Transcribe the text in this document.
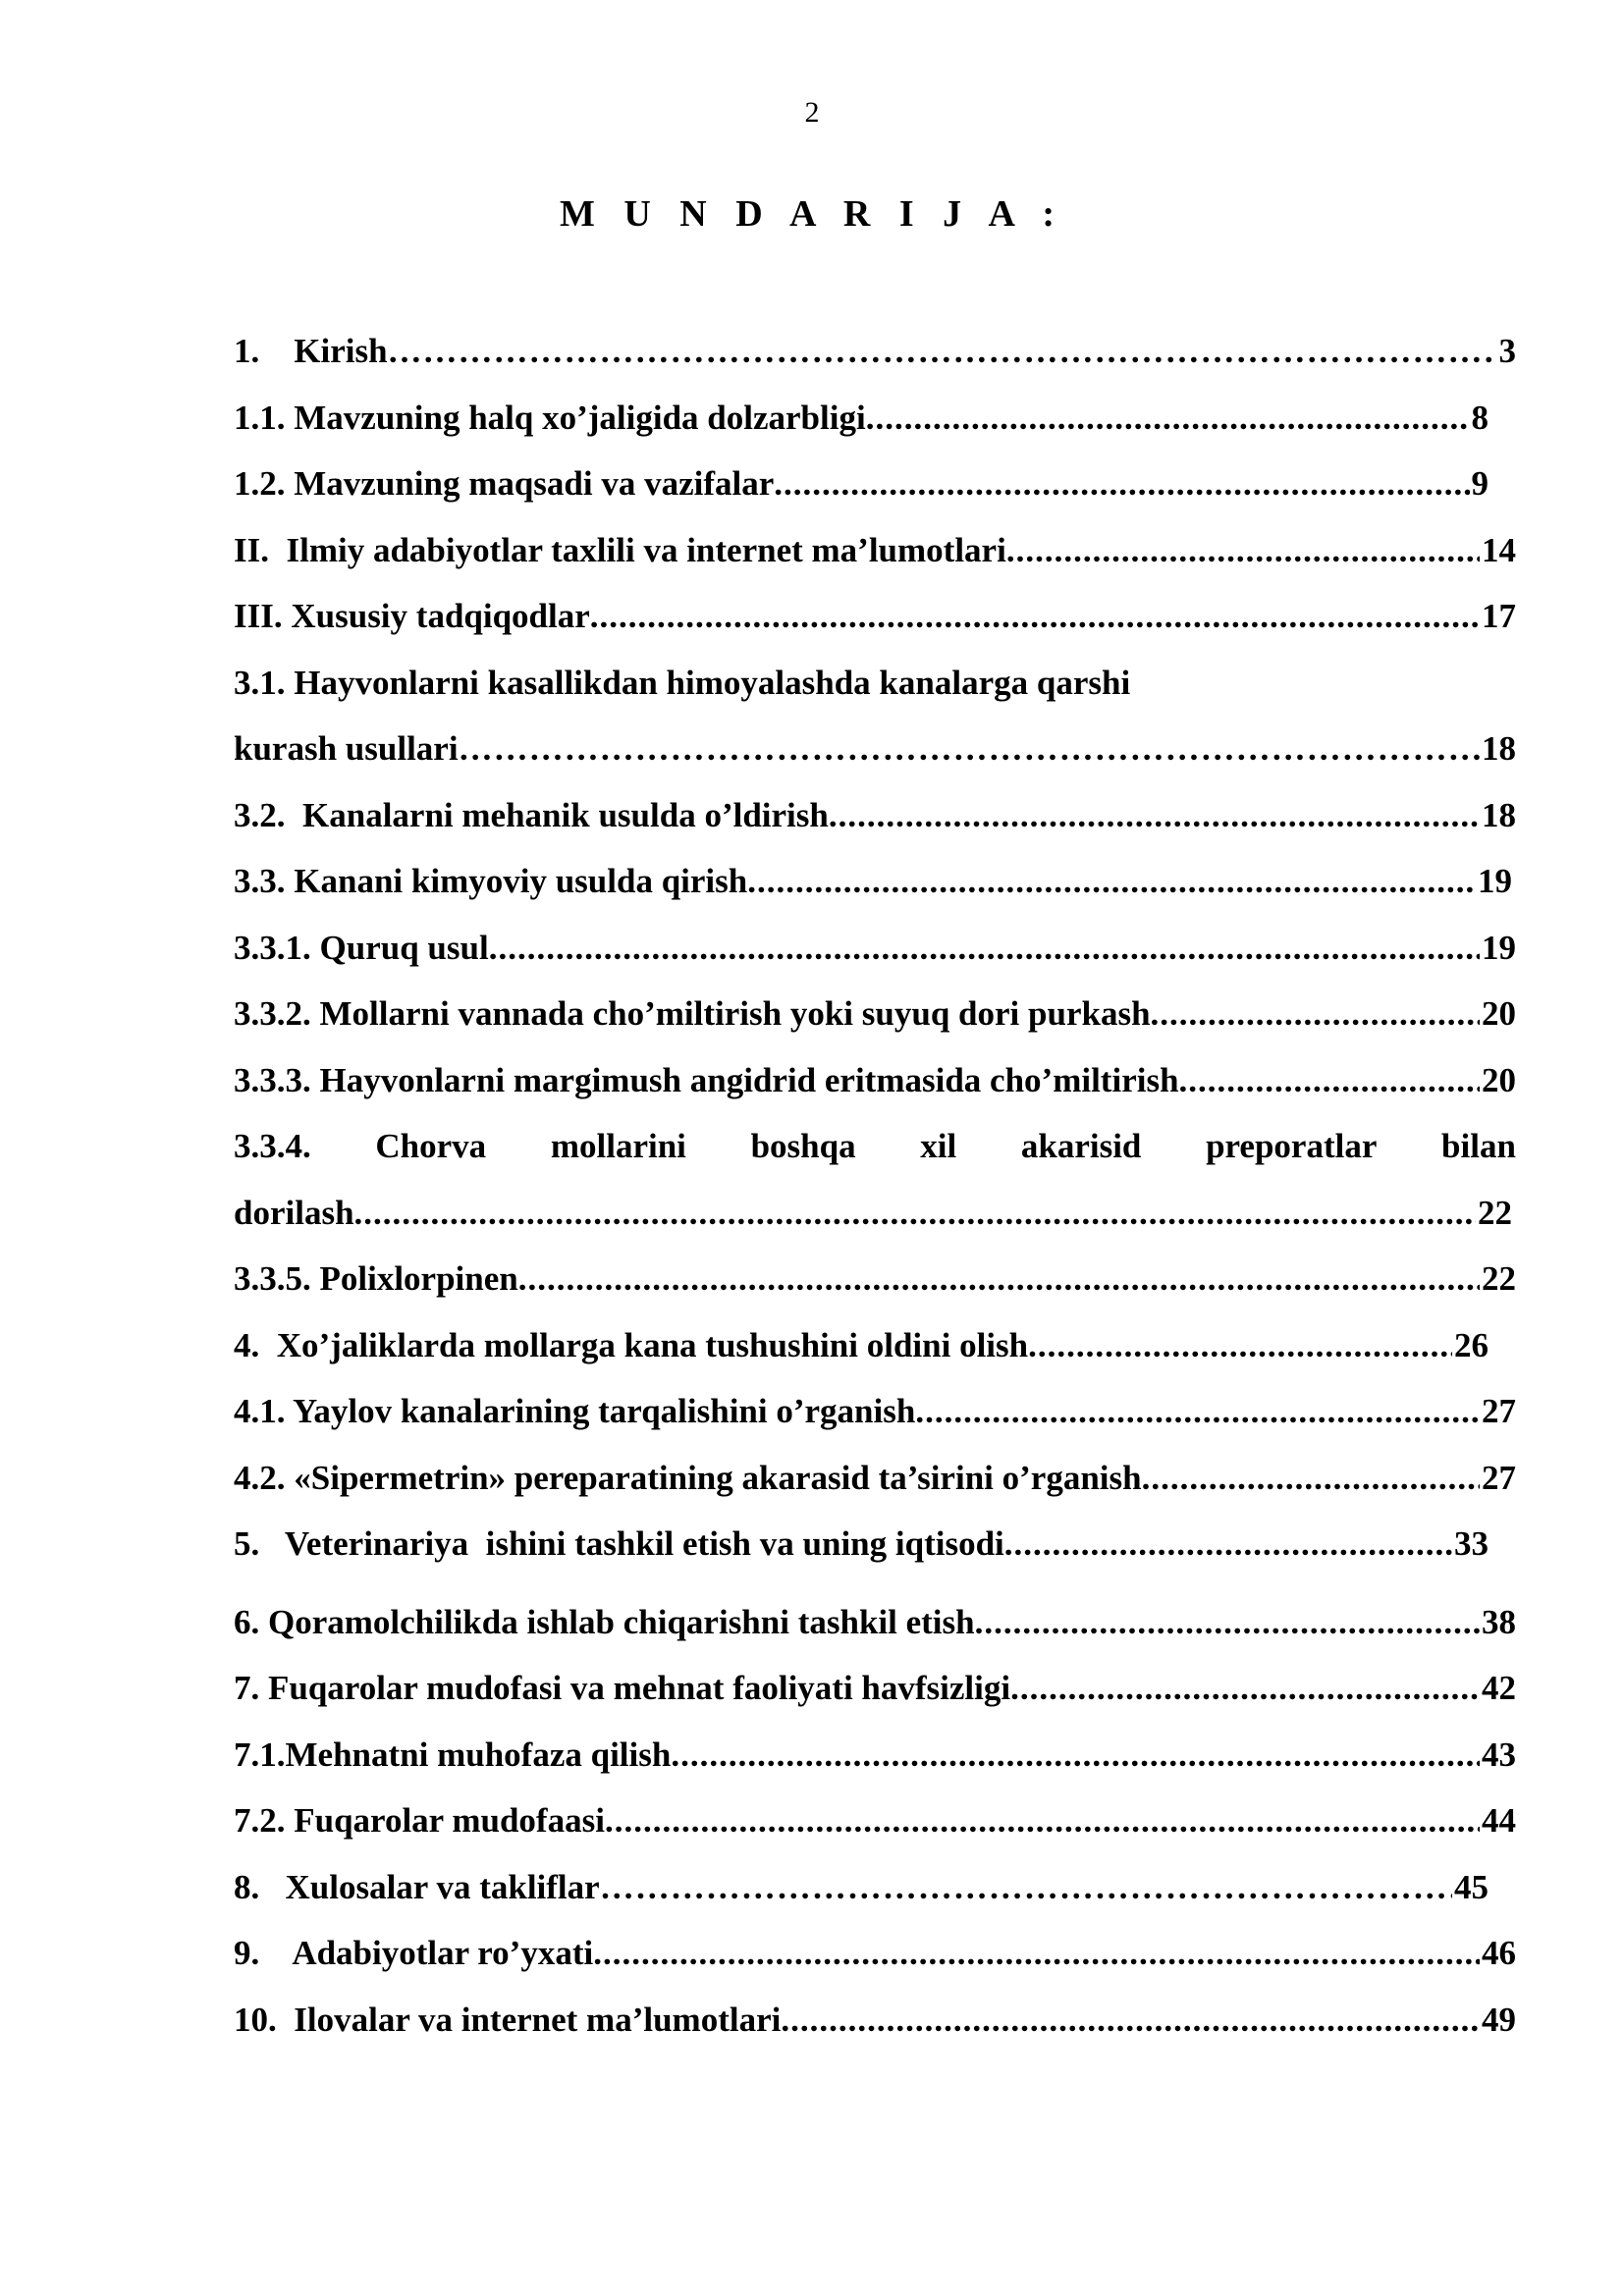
2
M U N D A R I J A :
1.    Kirish ……………………………………………………………………………………………………………………………………………………………………………………………………	3
1.1. Mavzuning halq xo’jaligida dolzarbligi .....	8
1.2. Mavzuning maqsadi va vazifalar .....	9
II.  Ilmiy adabiyotlar taxlili va internet ma’lumotlari .....	14
III. Xususiy tadqiqodlar .....	17
3.1. Hayvonlarni kasallikdan himoyalashda kanalarga qarshi
kurash usullari ……………………………………………………………………………………………………………………………………………………………………………………………………	18
3.2.  Kanalarni mehanik usulda o’ldirish .....	18
3.3. Kanani kimyoviy usulda qirish .....	19
3.3.1. Quruq usul .....	19
3.3.2. Mollarni vannada cho’miltirish yoki suyuq dori purkash .....	20
3.3.3. Hayvonlarni margimush angidrid eritmasida cho’miltirish .....	20
3.3.4. Chorva mollarini boshqa xil akarisid preporatlar bilan
dorilash .....	22
3.3.5. Polixlorpinen .....	22
4.  Xo’jaliklarda mollarga kana tushushini oldini olish .....	26
4.1. Yaylov kanalarining tarqalishini o’rganish .....	27
4.2. «Sipermetrin» pereparatining akarasid ta’sirini o’rganish .....	27
5.   Veterinariya  ishini tashkil etish va uning iqtisodi .....	33
6. Qoramolchilikda ishlab chiqarishni tashkil etish .....	38
7. Fuqarolar mudofasi va mehnat faoliyati havfsizligi .....	42
7.1.Mehnatni muhofaza qilish .....	43
7.2. Fuqarolar mudofaasi .....	44
8.   Xulosalar va takliflar ……………………………………………………………………………………………………………………………………………………………………………………………………	45
9.    Adabiyotlar ro’yxati .....	46
10.  Ilovalar va internet ma’lumotlari .....	49
